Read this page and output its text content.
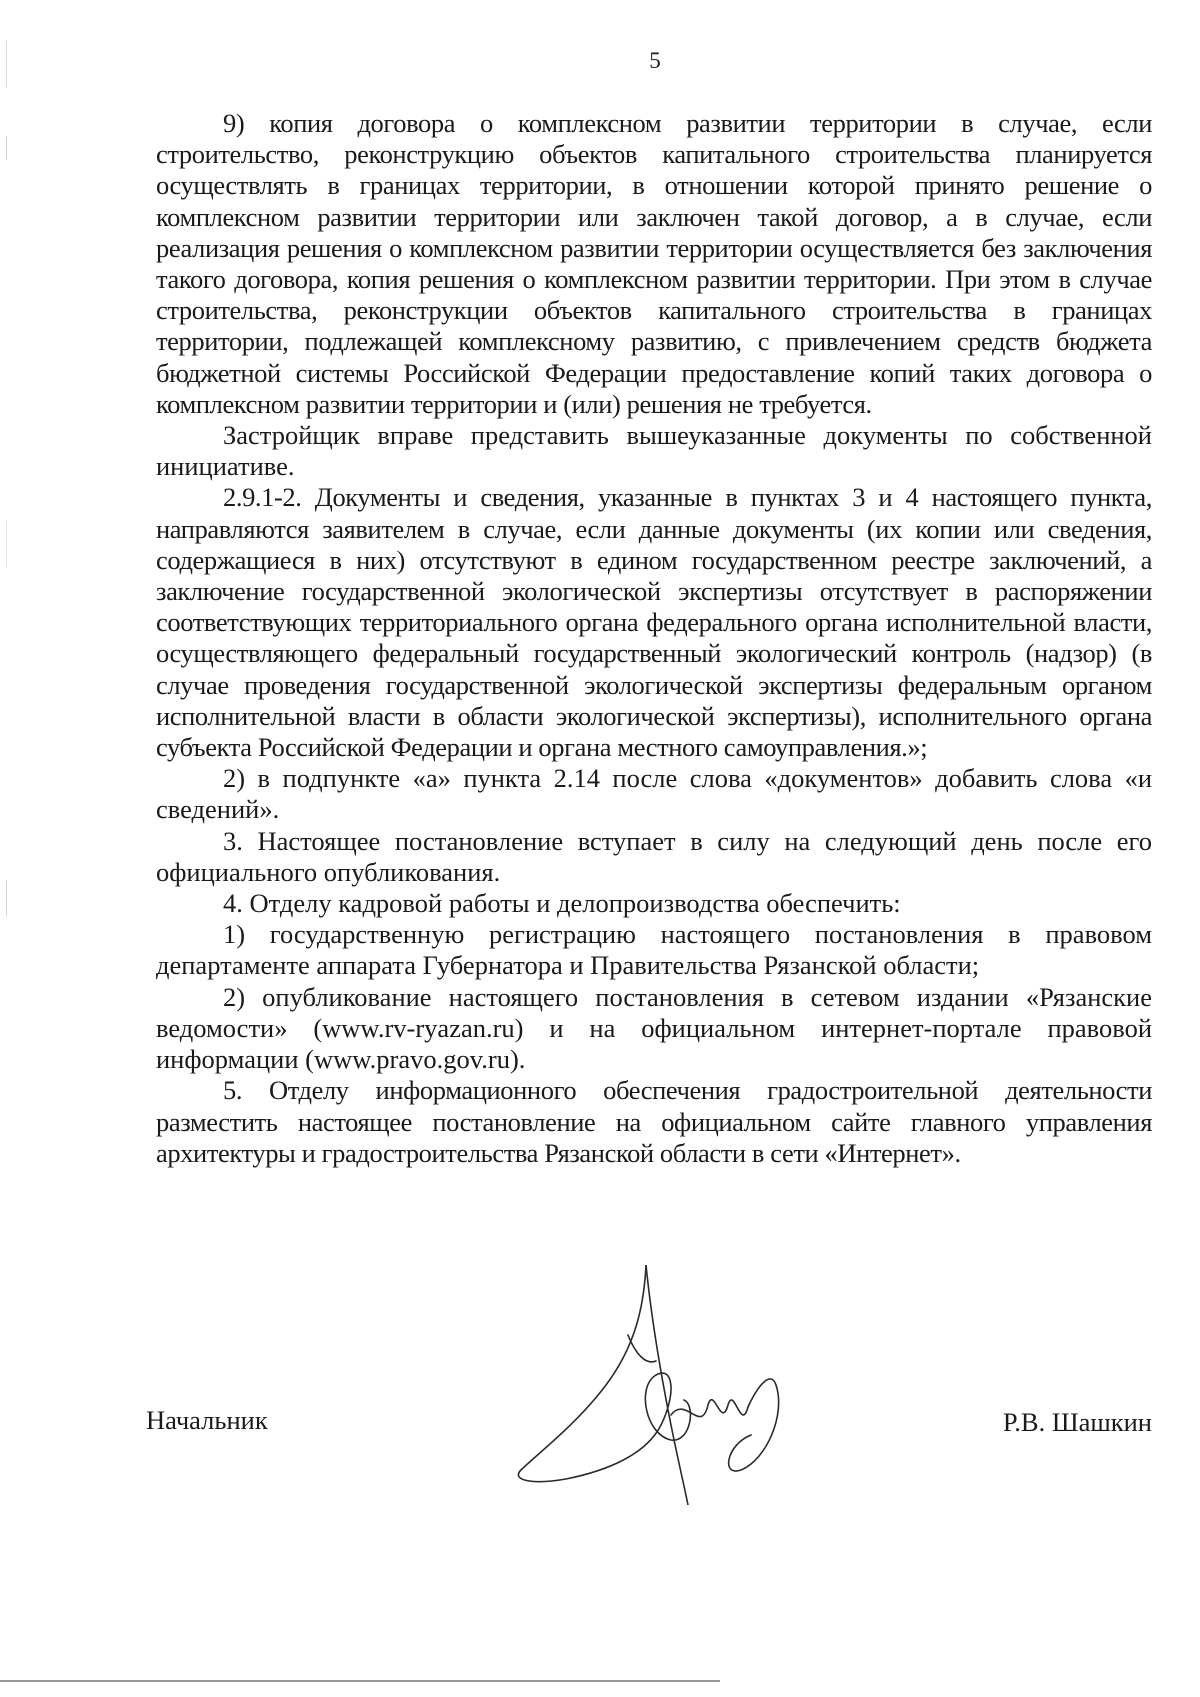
5

9) копия договора о комплексном развитии территории в случае, если строительство, реконструкцию объектов капитального строительства планируется осуществлять в границах территории, в отношении которой принято решение о комплексном развитии территории или заключен такой договор, а в случае, если реализация решения о комплексном развитии территории осуществляется без заключения такого договора, копия решения о комплексном развитии территории. При этом в случае строительства, реконструкции объектов капитального строительства в границах территории, подлежащей комплексному развитию, с привлечением средств бюджета бюджетной системы Российской Федерации предоставление копий таких договора о комплексном развитии территории и (или) решения не требуется.

Застройщик вправе представить вышеуказанные документы по собственной инициативе.

2.9.1-2. Документы и сведения, указанные в пунктах 3 и 4 настоящего пункта, направляются заявителем в случае, если данные документы (их копии или сведения, содержащиеся в них) отсутствуют в едином государственном реестре заключений, а заключение государственной экологической экспертизы отсутствует в распоряжении соответствующих территориального органа федерального органа исполнительной власти, осуществляющего федеральный государственный экологический контроль (надзор) (в случае проведения государственной экологической экспертизы федеральным органом исполнительной власти в области экологической экспертизы), исполнительного органа субъекта Российской Федерации и органа местного самоуправления.»;

2) в подпункте «а» пункта 2.14 после слова «документов» добавить слова «и сведений».

3. Настоящее постановление вступает в силу на следующий день после его официального опубликования.

4. Отделу кадровой работы и делопроизводства обеспечить:

1) государственную регистрацию настоящего постановления в правовом департаменте аппарата Губернатора и Правительства Рязанской области;

2) опубликование настоящего постановления в сетевом издании «Рязанские ведомости» (www.rv-ryazan.ru) и на официальном интернет-портале правовой информации (www.pravo.gov.ru).

5. Отделу информационного обеспечения градостроительной деятельности разместить настоящее постановление на официальном сайте главного управления архитектуры и градостроительства Рязанской области в сети «Интернет».

Начальник	Р.В. Шашкин
